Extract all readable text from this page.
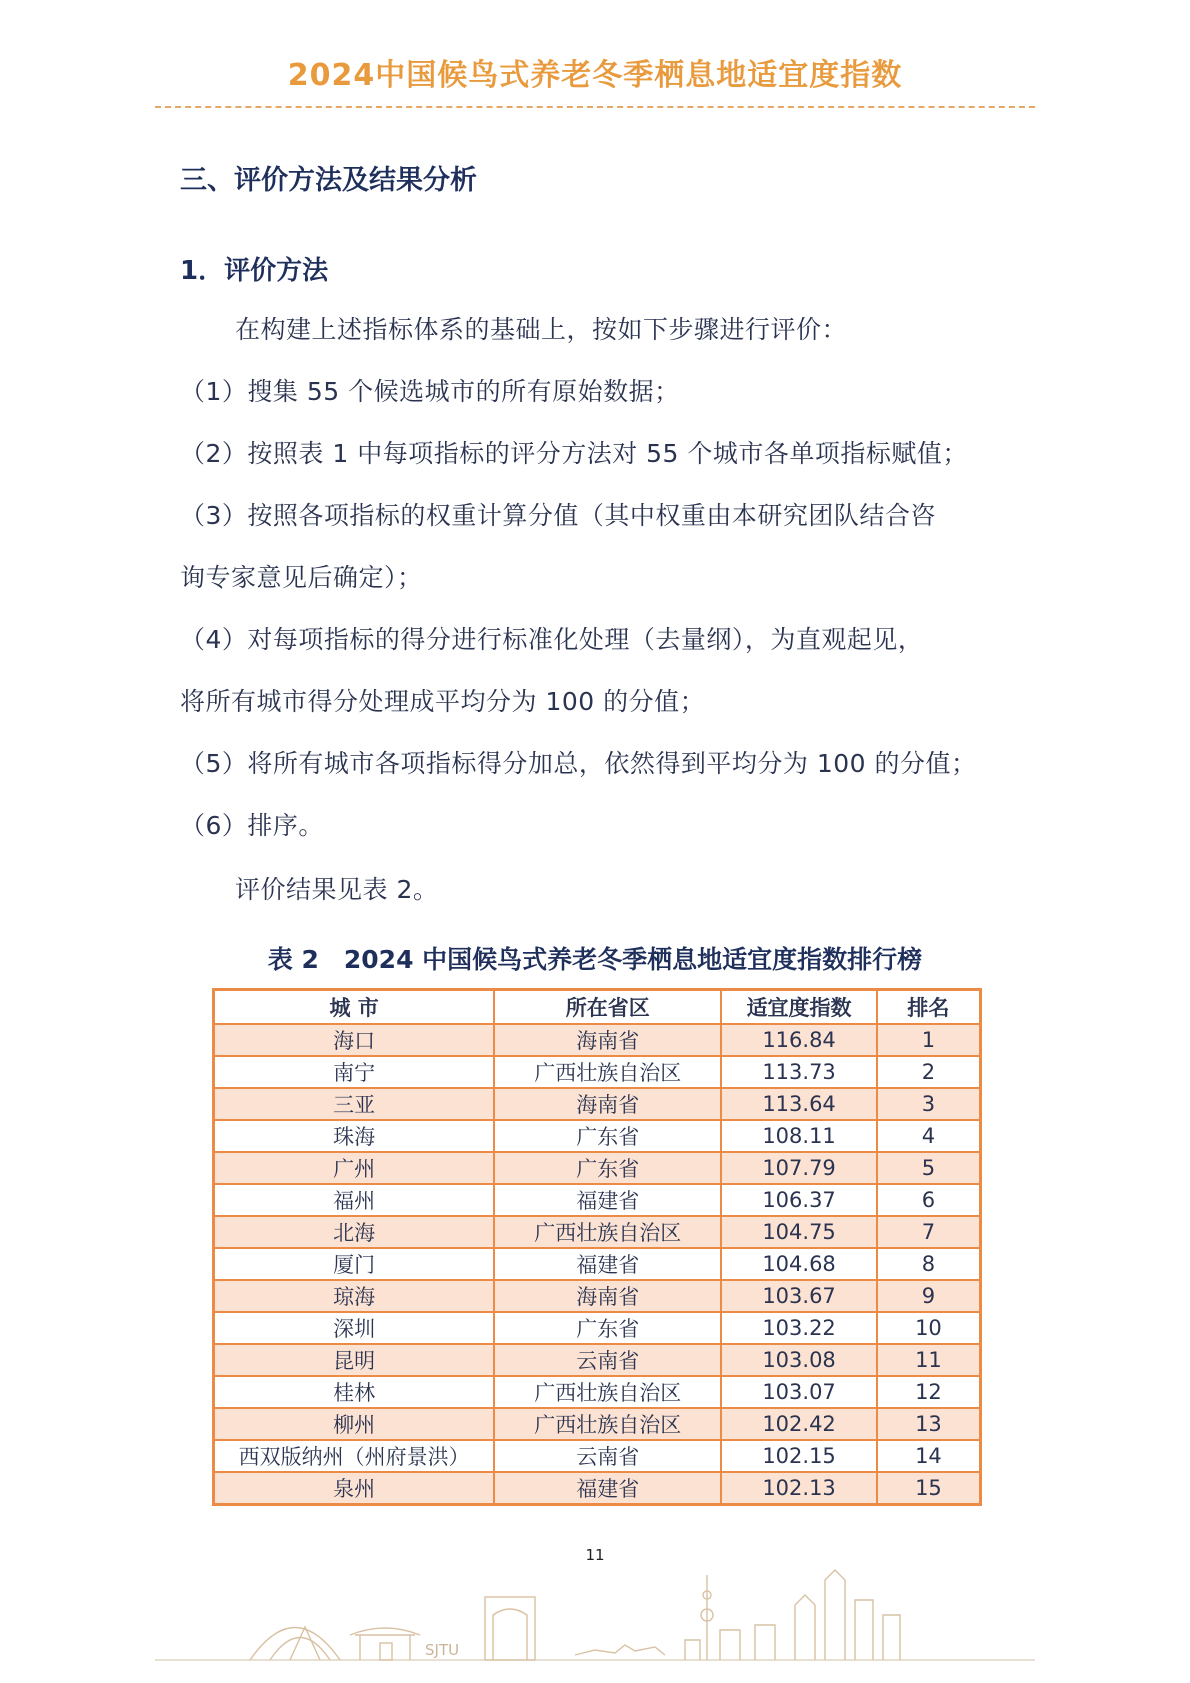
2024中国候鸟式养老冬季栖息地适宜度指数
三、评价方法及结果分析
1．评价方法
在构建上述指标体系的基础上，按如下步骤进行评价：
（1）搜集 55 个候选城市的所有原始数据；
（2）按照表 1 中每项指标的评分方法对 55 个城市各单项指标赋值；
（3）按照各项指标的权重计算分值（其中权重由本研究团队结合咨
询专家意见后确定）；
（4）对每项指标的得分进行标准化处理（去量纲），为直观起见，
将所有城市得分处理成平均分为 100 的分值；
（5）将所有城市各项指标得分加总，依然得到平均分为 100 的分值；
（6）排序。
评价结果见表 2。
表 2　2024 中国候鸟式养老冬季栖息地适宜度指数排行榜
城 市	所在省区	适宜度指数	排名
海口	海南省	116.84	1
南宁	广西壮族自治区	113.73	2
三亚	海南省	113.64	3
珠海	广东省	108.11	4
广州	广东省	107.79	5
福州	福建省	106.37	6
北海	广西壮族自治区	104.75	7
厦门	福建省	104.68	8
琼海	海南省	103.67	9
深圳	广东省	103.22	10
昆明	云南省	103.08	11
桂林	广西壮族自治区	103.07	12
柳州	广西壮族自治区	102.42	13
西双版纳州（州府景洪）	云南省	102.15	14
泉州	福建省	102.13	15
11
SJTU
